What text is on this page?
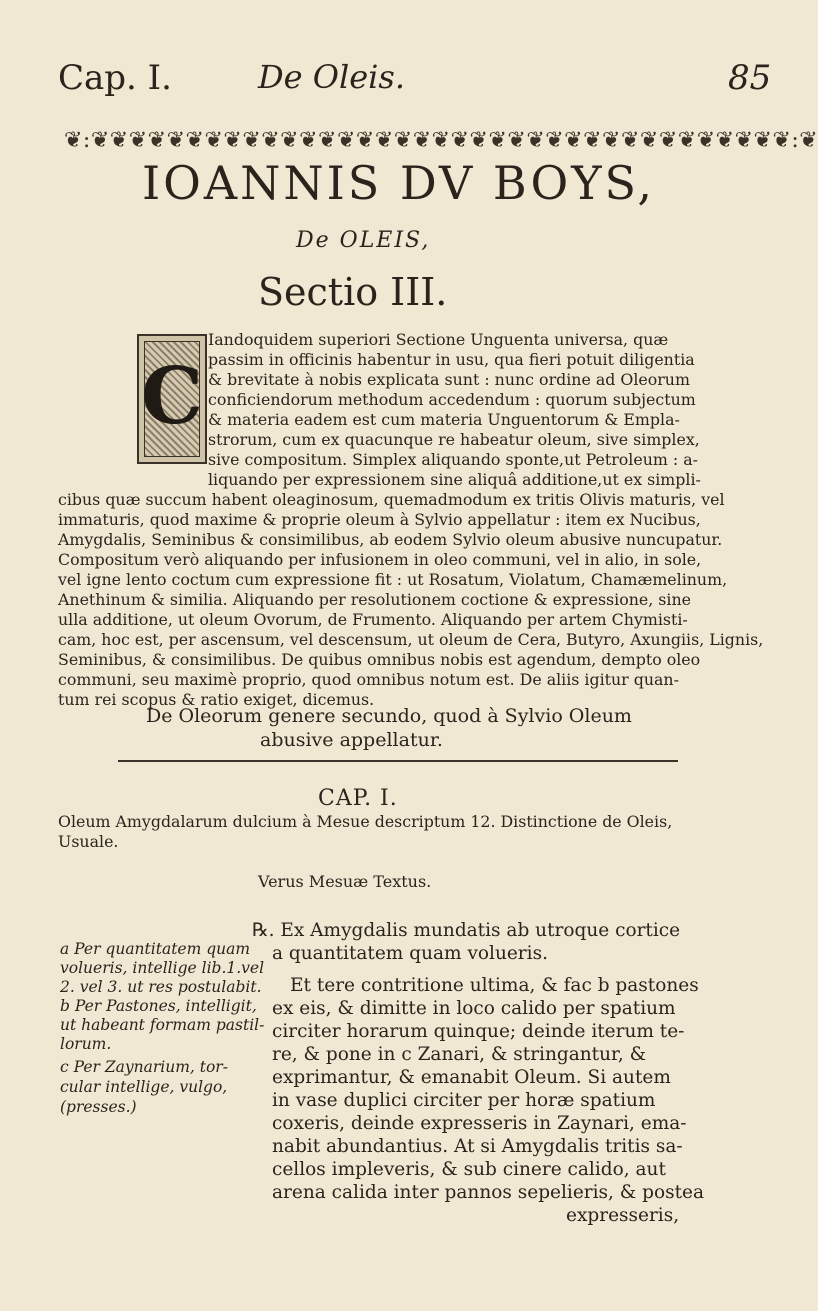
Cap. I.	De Oleis.	85
❦:❦❦❦❦❦❦❦❦❦❦❦❦❦❦❦❦❦❦❦❦❦❦❦❦❦❦❦❦❦❦❦❦❦❦❦❦❦:❦
IOANNIS DV BOYS,
De OLEIS,
Sectio III.
C
Iandoquidem superiori Sectione Unguenta universa, quæ
passim in officinis habentur in usu, qua fieri potuit diligentia
& brevitate à nobis explicata sunt : nunc ordine ad Oleorum
conficiendorum methodum accedendum : quorum subjectum
& materia eadem est cum materia Unguentorum & Empla-
strorum, cum ex quacunque re habeatur oleum, sive simplex,
sive compositum. Simplex aliquando sponte,ut Petroleum : a-
liquando per expressionem sine aliquâ additione,ut ex simpli-
cibus quæ succum habent oleaginosum, quemadmodum ex tritis Olivis maturis, vel
immaturis, quod maxime & proprie oleum à Sylvio appellatur : item ex Nucibus,
Amygdalis, Seminibus & consimilibus, ab eodem Sylvio oleum abusive nuncupatur.
Compositum verò aliquando per infusionem in oleo communi, vel in alio, in sole,
vel igne lento coctum cum expressione fit : ut Rosatum, Violatum, Chamæmelinum,
Anethinum & similia. Aliquando per resolutionem coctione & expressione, sine
ulla additione, ut oleum Ovorum, de Frumento. Aliquando per artem Chymisti-
cam, hoc est, per ascensum, vel descensum, ut oleum de Cera, Butyro, Axungiis, Lignis,
Seminibus, & consimilibus. De quibus omnibus nobis est agendum, dempto oleo
communi, seu maximè proprio, quod omnibus notum est. De aliis igitur quan-
tum rei scopus & ratio exiget, dicemus.
De Oleorum genere secundo, quod à Sylvio Oleum
abusive appellatur.
CAP. I.
Oleum Amygdalarum dulcium à Mesue descriptum 12. Distinctione de Oleis,
Usuale.
Verus Mesuæ Textus.
a Per quantitatem quam
volueris, intellige lib.1.vel
2. vel 3. ut res postulabit.
b Per Pastones, intelligit,
ut habeant formam pastil-
lorum.
c Per Zaynarium, tor-
cular intellige, vulgo,
(presses.)
℞. Ex Amygdalis mundatis ab utroque cortice
a quantitatem quam volueris.
Et tere contritione ultima, & fac b pastones
ex eis, & dimitte in loco calido per spatium
circiter horarum quinque; deinde iterum te-
re, & pone in c Zanari, & stringantur, &
exprimantur, & emanabit Oleum. Si autem
in vase duplici circiter per horæ spatium
coxeris, deinde expresseris in Zaynari, ema-
nabit abundantius. At si Amygdalis tritis sa-
cellos impleveris, & sub cinere calido, aut
arena calida inter pannos sepelieris, & postea
expresseris,
